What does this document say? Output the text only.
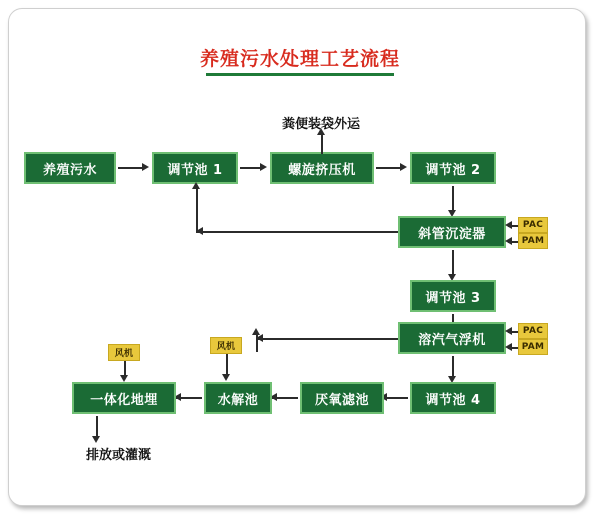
养殖污水处理工艺流程
养殖污水	调节池 1	螺旋挤压机	调节池 2
粪便装袋外运
斜管沉淀器
PAC
PAM
调节池 3
溶汽气浮机
PAC
PAM
调节池 4
厌氧滤池
水解池
一体化地埋
风机
风机
排放或灌溉
